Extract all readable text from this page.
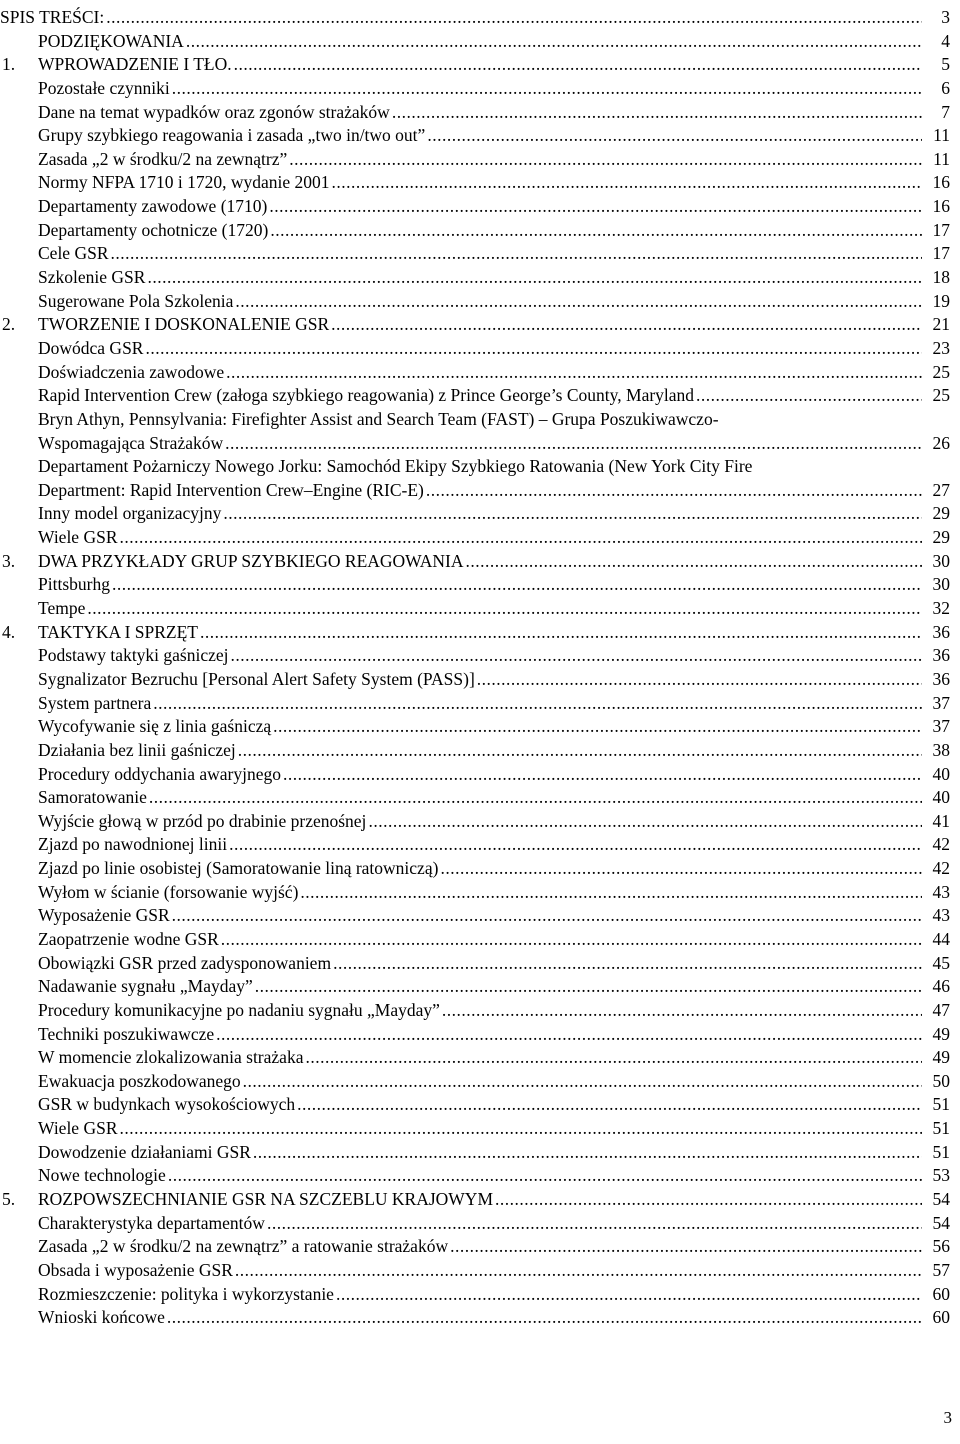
SPIS TREŚCI: .....	3
PODZIĘKOWANIA .....	4
1. WPROWADZENIE I TŁO. .....	5
Pozostałe czynniki .....	6
Dane na temat wypadków oraz zgonów strażaków .....	7
Grupy szybkiego reagowania i zasada „two in/two out” .....	11
Zasada „2 w środku/2 na zewnątrz” .....	11
Normy NFPA 1710 i 1720, wydanie 2001 .....	16
Departamenty zawodowe (1710) .....	16
Departamenty ochotnicze (1720) .....	17
Cele GSR .....	17
Szkolenie GSR .....	18
Sugerowane Pola Szkolenia .....	19
2. TWORZENIE I DOSKONALENIE GSR .....	21
Dowódca GSR .....	23
Doświadczenia zawodowe .....	25
Rapid Intervention Crew (załoga szybkiego reagowania) z Prince George’s County, Maryland .....	25
Bryn Athyn, Pennsylvania: Firefighter Assist and Search Team (FAST) – Grupa Poszukiwawczo-
Wspomagająca Strażaków .....	26
Departament Pożarniczy Nowego Jorku: Samochód Ekipy Szybkiego Ratowania (New York City Fire
Department: Rapid Intervention Crew–Engine (RIC-E) .....	27
Inny model organizacyjny .....	29
Wiele GSR .....	29
3. DWA PRZYKŁADY GRUP SZYBKIEGO REAGOWANIA .....	30
Pittsburhg .....	30
Tempe .....	32
4. TAKTYKA I SPRZĘT .....	36
Podstawy taktyki gaśniczej .....	36
Sygnalizator Bezruchu [Personal Alert Safety System (PASS)] .....	36
System partnera .....	37
Wycofywanie się z linia gaśniczą .....	37
Działania bez linii gaśniczej .....	38
Procedury oddychania awaryjnego .....	40
Samoratowanie .....	40
Wyjście głową w przód po drabinie przenośnej .....	41
Zjazd po nawodnionej linii .....	42
Zjazd po linie osobistej (Samoratowanie liną ratowniczą) .....	42
Wyłom w ścianie (forsowanie wyjść) .....	43
Wyposażenie GSR .....	43
Zaopatrzenie wodne GSR .....	44
Obowiązki GSR przed zadysponowaniem .....	45
Nadawanie sygnału „Mayday” .....	46
Procedury komunikacyjne po nadaniu sygnału „Mayday” .....	47
Techniki poszukiwawcze .....	49
W momencie zlokalizowania strażaka .....	49
Ewakuacja poszkodowanego .....	50
GSR w budynkach wysokościowych .....	51
Wiele GSR .....	51
Dowodzenie działaniami GSR .....	51
Nowe technologie .....	53
5. ROZPOWSZECHNIANIE GSR NA SZCZEBLU KRAJOWYM .....	54
Charakterystyka departamentów .....	54
Zasada „2 w środku/2 na zewnątrz” a ratowanie strażaków .....	56
Obsada i wyposażenie GSR .....	57
Rozmieszczenie: polityka i wykorzystanie .....	60
Wnioski końcowe .....	60
3
